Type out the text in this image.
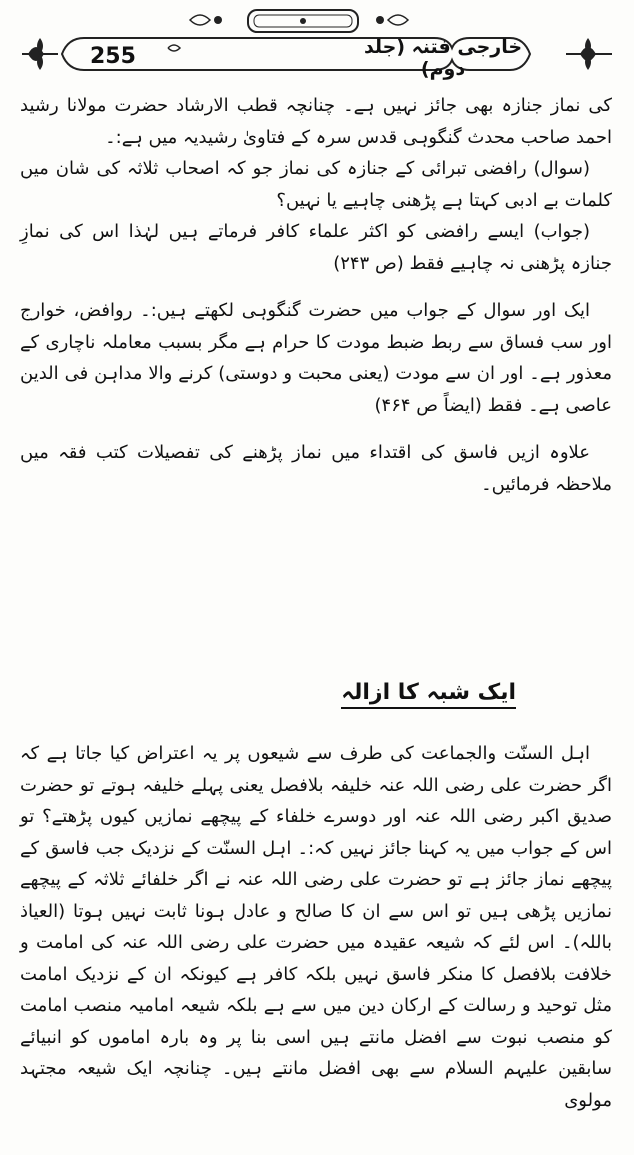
255	خارجی فتنہ (جلد دوم)

کی نماز جنازہ بھی جائز نہیں ہے۔ چنانچہ قطب الارشاد حضرت مولانا رشید احمد صاحب محدث گنگوہی قدس سرہ کے فتاویٰ رشیدیہ میں ہے:۔

(سوال) رافضی تبرائی کے جنازہ کی نماز جو کہ اصحاب ثلاثہ کی شان میں کلمات بے ادبی کہتا ہے پڑھنی چاہیے یا نہیں؟

(جواب) ایسے رافضی کو اکثر علماء کافر فرماتے ہیں لہٰذا اس کی نمازِ جنازہ پڑھنی نہ چاہیے فقط (ص ۲۴۳)

ایک اور سوال کے جواب میں حضرت گنگوہی لکھتے ہیں:۔ روافض، خوارج اور سب فساق سے ربط ضبط مودت کا حرام ہے مگر بسبب معاملہ ناچاری کے معذور ہے۔ اور ان سے مودت (یعنی محبت و دوستی) کرنے والا مداہن فی الدین عاصی ہے۔ فقط (ایضاً ص ۴۶۴)

علاوہ ازیں فاسق کی اقتداء میں نماز پڑھنے کی تفصیلات کتب فقہ میں ملاحظہ فرمائیں۔

ایک شبہ کا ازالہ

اہل السنّت والجماعت کی طرف سے شیعوں پر یہ اعتراض کیا جاتا ہے کہ اگر حضرت علی رضی اللہ عنہ خلیفہ بلافصل یعنی پہلے خلیفہ ہوتے تو حضرت صدیق اکبر رضی اللہ عنہ اور دوسرے خلفاء کے پیچھے نمازیں کیوں پڑھتے؟ تو اس کے جواب میں یہ کہنا جائز نہیں کہ:۔ اہل السنّت کے نزدیک جب فاسق کے پیچھے نماز جائز ہے تو حضرت علی رضی اللہ عنہ نے اگر خلفائے ثلاثہ کے پیچھے نمازیں پڑھی ہیں تو اس سے ان کا صالح و عادل ہونا ثابت نہیں ہوتا (العیاذ باللہ)۔ اس لئے کہ شیعہ عقیدہ میں حضرت علی رضی اللہ عنہ کی امامت و خلافت بلافصل کا منکر فاسق نہیں بلکہ کافر ہے کیونکہ ان کے نزدیک امامت مثل توحید و رسالت کے ارکان دین میں سے ہے بلکہ شیعہ امامیہ منصب امامت کو منصب نبوت سے افضل مانتے ہیں اسی بنا پر وہ بارہ اماموں کو انبیائے سابقین علیہم السلام سے بھی افضل مانتے ہیں۔ چنانچہ ایک شیعہ مجتہد مولوی
